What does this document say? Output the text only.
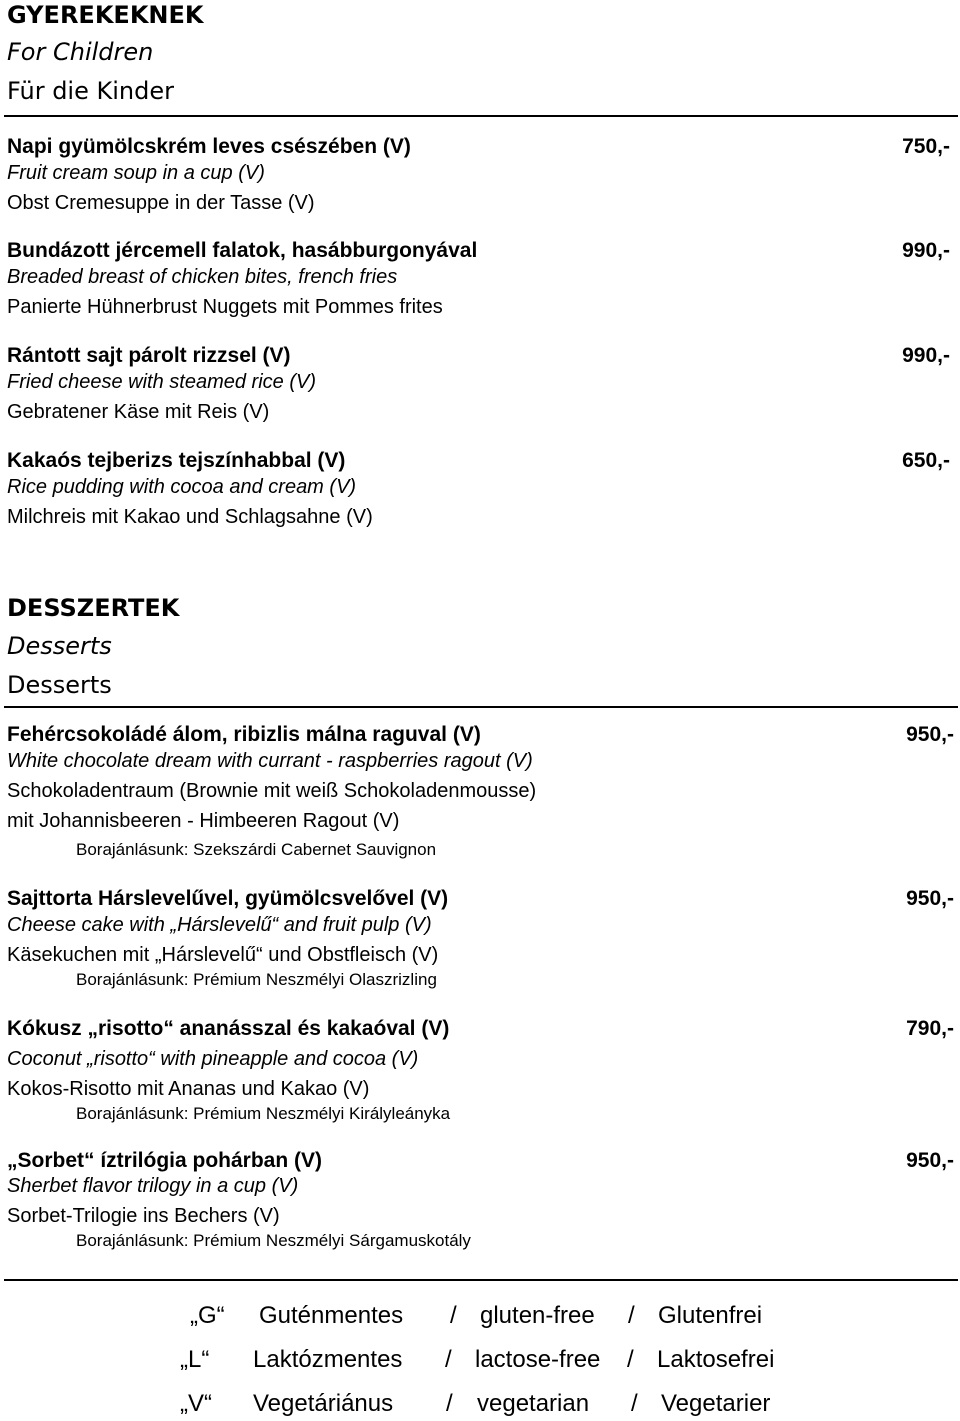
GYEREKEKNEK
For Children
Für die Kinder
Napi gyümölcskrém leves csészében (V)	750,-
Fruit cream soup in a cup (V)
Obst Cremesuppe in der Tasse (V)
Bundázott jércemell falatok, hasábburgonyával	990,-
Breaded breast of chicken bites, french fries
Panierte Hühnerbrust Nuggets mit Pommes frites
Rántott sajt párolt rizzsel (V)	990,-
Fried cheese with steamed rice (V)
Gebratener Käse mit Reis (V)
Kakaós tejberizs tejszínhabbal (V)	650,-
Rice pudding with cocoa and cream (V)
Milchreis mit Kakao und Schlagsahne (V)
DESSZERTEK
Desserts
Desserts
Fehércsokoládé álom, ribizlis málna raguval (V)	950,-
White chocolate dream with currant - raspberries ragout (V)
Schokoladentraum (Brownie mit weiß Schokoladenmousse)
mit Johannisbeeren - Himbeeren Ragout (V)
Borajánlásunk: Szekszárdi Cabernet Sauvignon
Sajttorta Hárslevelűvel, gyümölcsvelővel (V)	950,-
Cheese cake with „Hárslevelű“ and fruit pulp (V)
Käsekuchen mit „Hárslevelű“ und Obstfleisch (V)
Borajánlásunk: Prémium Neszmélyi Olaszrizling
Kókusz „risotto“ ananásszal és kakaóval (V)	790,-
Coconut „risotto“ with pineapple and cocoa (V)
Kokos-Risotto mit Ananas und Kakao (V)
Borajánlásunk: Prémium Neszmélyi Királyleányka
„Sorbet“ íztrilógia pohárban (V)	950,-
Sherbet flavor trilogy in a cup (V)
Sorbet-Trilogie ins Bechers (V)
Borajánlásunk: Prémium Neszmélyi Sárgamuskotály
„G“ Guténmentes / gluten-free / Glutenfrei
„L“ Laktózmentes / lactose-free / Laktosefrei
„V“ Vegetáriánus / vegetarian / Vegetarier
